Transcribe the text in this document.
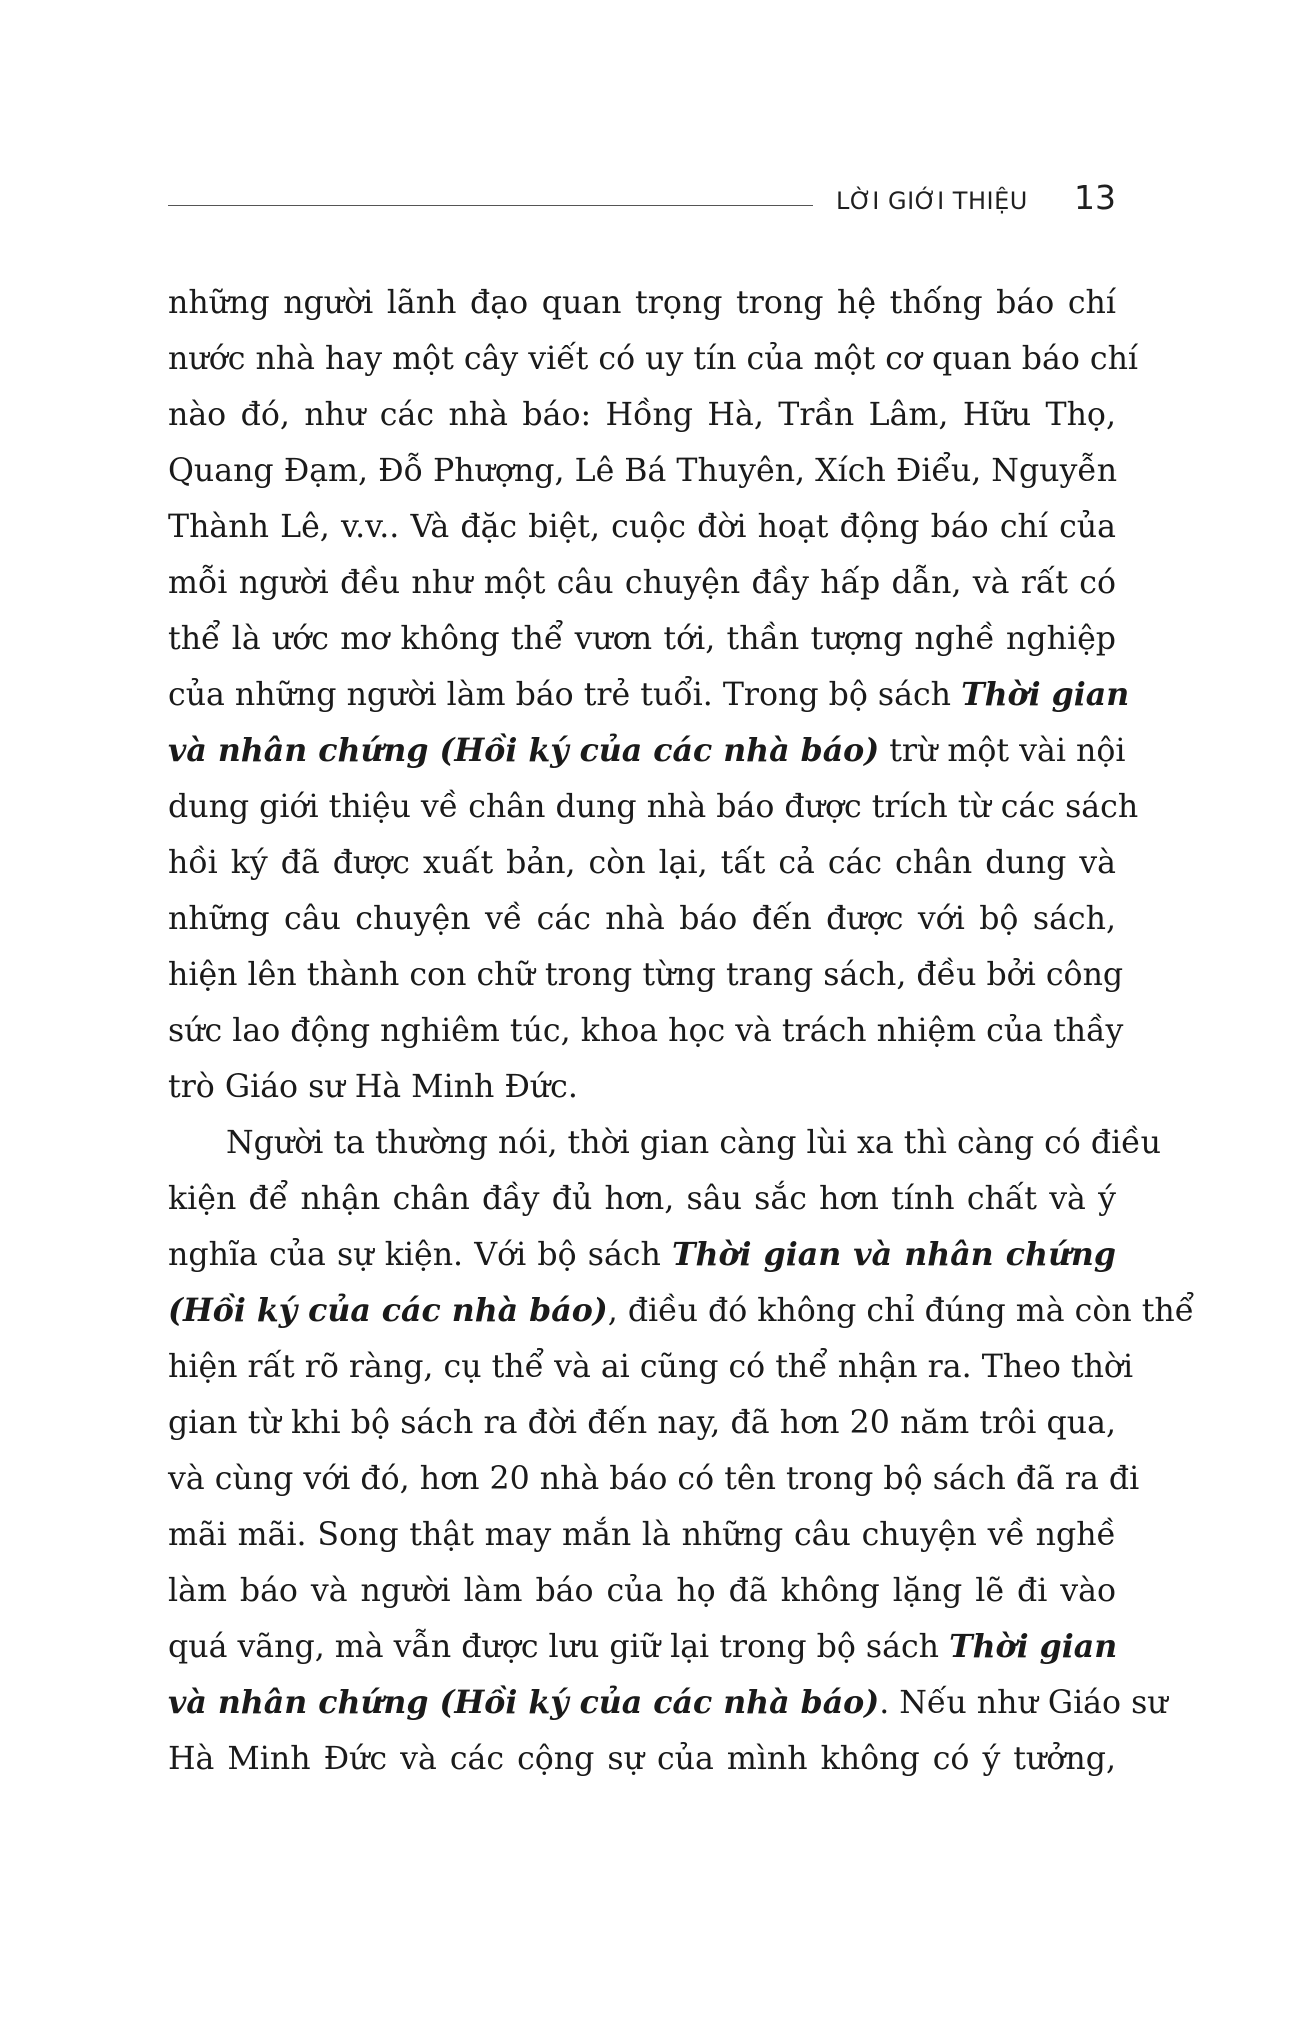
LỜI GIỚI THIỆU 13
những người lãnh đạo quan trọng trong hệ thống báo chí
nước nhà hay một cây viết có uy tín của một cơ quan báo chí
nào đó, như các nhà báo: Hồng Hà, Trần Lâm, Hữu Thọ,
Quang Đạm, Đỗ Phượng, Lê Bá Thuyên, Xích Điểu, Nguyễn
Thành Lê, v.v.. Và đặc biệt, cuộc đời hoạt động báo chí của
mỗi người đều như một câu chuyện đầy hấp dẫn, và rất có
thể là ước mơ không thể vươn tới, thần tượng nghề nghiệp
của những người làm báo trẻ tuổi. Trong bộ sách Thời gian
và nhân chứng (Hồi ký của các nhà báo) trừ một vài nội
dung giới thiệu về chân dung nhà báo được trích từ các sách
hồi ký đã được xuất bản, còn lại, tất cả các chân dung và
những câu chuyện về các nhà báo đến được với bộ sách,
hiện lên thành con chữ trong từng trang sách, đều bởi công
sức lao động nghiêm túc, khoa học và trách nhiệm của thầy
trò Giáo sư Hà Minh Đức.
Người ta thường nói, thời gian càng lùi xa thì càng có điều
kiện để nhận chân đầy đủ hơn, sâu sắc hơn tính chất và ý
nghĩa của sự kiện. Với bộ sách Thời gian và nhân chứng
(Hồi ký của các nhà báo), điều đó không chỉ đúng mà còn thể
hiện rất rõ ràng, cụ thể và ai cũng có thể nhận ra. Theo thời
gian từ khi bộ sách ra đời đến nay, đã hơn 20 năm trôi qua,
và cùng với đó, hơn 20 nhà báo có tên trong bộ sách đã ra đi
mãi mãi. Song thật may mắn là những câu chuyện về nghề
làm báo và người làm báo của họ đã không lặng lẽ đi vào
quá vãng, mà vẫn được lưu giữ lại trong bộ sách Thời gian
và nhân chứng (Hồi ký của các nhà báo). Nếu như Giáo sư
Hà Minh Đức và các cộng sự của mình không có ý tưởng,
